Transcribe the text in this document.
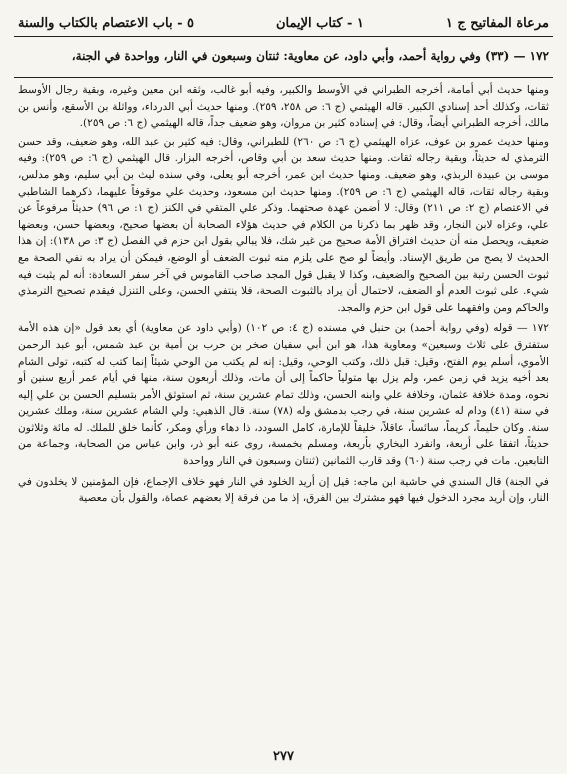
مرعاة المفاتيح ج ١
١ - كتاب الإيمان
٥ - باب الاعتصام بالكتاب والسنة
١٧٢ — (٣٣) وفي رواية أحمد، وأبي داود، عن معاوية: ثنتان وسبعون في النار، وواحدة في الجنة،

ومنها حديث أبي أمامة، أخرجه الطبراني في الأوسط والكبير، وفيه أبو غالب، وثقه ابن معين وغيره، وبقية رجال الأوسط ثقات، وكذلك أحد إسنادي الكبير. قاله الهيثمي (ج ٦: ص ٢٥٨، ٢٥٩). ومنها حديث أبي الدرداء، وواثلة بن الأسقع، وأنس بن مالك، أخرجه الطبراني أيضاً، وقال: في إسناده كثير بن مروان، وهو ضعيف جداً، قاله الهيثمي (ج ٦: ص ٢٥٩).

ومنها حديث عمرو بن عوف، عزاه الهيثمي (ج ٦: ص ٢٦٠) للطبراني، وقال: فيه كثير بن عبد الله، وهو ضعيف، وقد حسن الترمذي له حديثاً، وبقية رجاله ثقات. ومنها حديث سعد بن أبي وقاص، أخرجه البزار. قال الهيثمي (ج ٦: ص ٢٥٩): وفيه موسى بن عبيدة الربذي، وهو ضعيف. ومنها حديث ابن عمر، أخرجه أبو يعلى، وفي سنده ليث بن أبي سليم، وهو مدلس، وبقية رجاله ثقات، قاله الهيثمي (ج ٦: ص ٢٥٩). ومنها حديث ابن مسعود، وحديث علي موقوفاً عليهما، ذكرهما الشاطبي في الاعتصام (ج ٢: ص ٢١١) وقال: لا أضمن عهدة صحتهما. وذكر علي المتقي في الكنز (ج ١: ص ٩٦) حديثاً مرفوعاً عن علي، وعزاه لابن النجار، وقد ظهر بما ذكرنا من الكلام في حديث هؤلاء الصحابة أن بعضها صحيح، وبعضها حسن، وبعضها ضعيف، ويحصل منه أن حديث افتراق الأمة صحيح من غير شك، فلا يبالي بقول ابن حزم في الفصل (ج ٣: ص ١٣٨): إن هذا الحديث لا يصح من طريق الإسناد. وأيضاً لو صح على يلزم منه ثبوت الضعف أو الوضع، فيمكن أن يراد به نفي الصحة مع ثبوت الحسن رتبة بين الصحيح والضعيف، وكذا لا يقبل قول المجد صاحب القاموس في آخر سفر السعادة: أنه لم يثبت فيه شيء. على ثبوت العدم أو الضعف، لاحتمال أن يراد بالثبوت الصحة، فلا ينتفي الحسن، وعلى التنزل فيقدم تصحيح الترمذي والحاكم ومن وافقهما على قول ابن حزم والمجد.

١٧٢ — قوله (وفي رواية أحمد) بن حنبل في مسنده (ج ٤: ص ١٠٢) (وأبي داود عن معاوية) أي بعد قول «إن هذه الأمة ستفترق على ثلاث وسبعين» ومعاوية هذا، هو ابن أبي سفيان صخر بن حرب بن أمية بن عبد شمس، أبو عبد الرحمن الأموي، أسلم يوم الفتح، وقيل: قبل ذلك، وكتب الوحي، وقيل: إنه لم يكتب من الوحي شيئاً إنما كتب له كتبه، تولى الشام بعد أخيه يزيد في زمن عمر، ولم يزل بها متولياً حاكماً إلى أن مات، وذلك أربعون سنة، منها في أيام عمر أربع سنين أو نحوه، ومدة خلافة عثمان، وخلافة علي وابنه الحسن، وذلك تمام عشرين سنة، ثم استوثق الأمر بتسليم الحسن بن علي إليه في سنة (٤١) ودام له عشرين سنة، في رجب بدمشق وله (٧٨) سنة. قال الذهبي: ولي الشام عشرين سنة، وملك عشرين سنة. وكان حليماً، كريماً، سائساً، عاقلاً، خليقاً للإمارة، كامل السودد، ذا دهاء ورأي ومكر، كأنما خلق للملك. له مائة وثلاثون حديثاً، اتفقا على أربعة، وانفرد البخاري بأربعة، ومسلم بخمسة، روى عنه أبو ذر، وابن عباس من الصحابة، وجماعة من التابعين. مات في رجب سنة (٦٠) وقد قارب الثمانين (ثنتان وسبعون في النار وواحدة

في الجنة) قال السندي في حاشية ابن ماجه: قيل إن أريد الخلود في النار فهو خلاف الإجماع، فإن المؤمنين لا يخلدون في النار، وإن أريد مجرد الدخول فيها فهو مشترك بين الفرق، إذ ما من فرقة إلا بعضهم عصاة، والقول بأن معصية
٢٧٧
